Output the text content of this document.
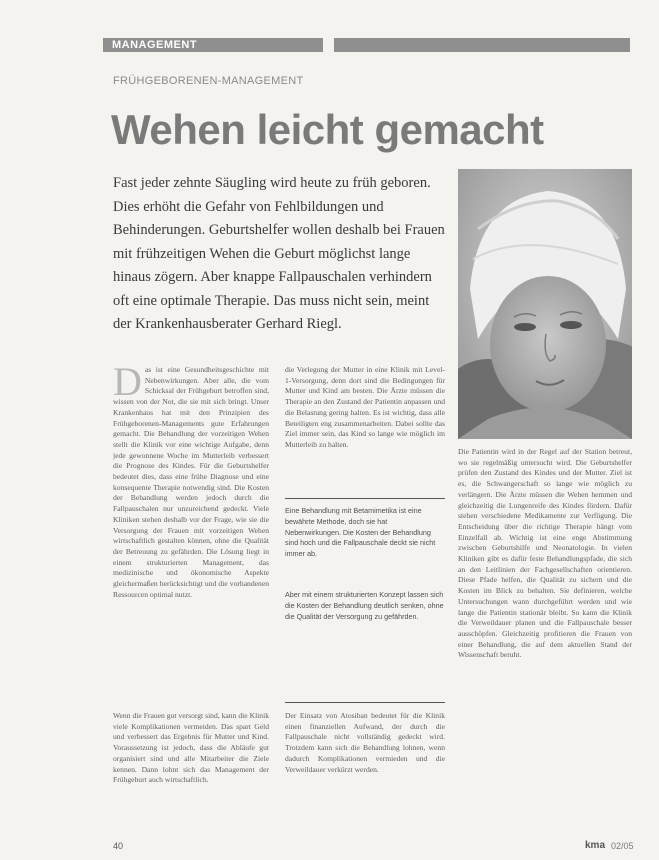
MANAGEMENT
FRÜHGEBORENEN-MANAGEMENT
Wehen leicht gemacht
Fast jeder zehnte Säugling wird heute zu früh geboren. Dies erhöht die Gefahr von Fehlbildungen und Behinderungen. Geburtshelfer wollen deshalb bei Frauen mit frühzeitigen Wehen die Geburt möglichst lange hinaus zögern. Aber knappe Fallpauschalen verhindern oft eine optimale Therapie. Das muss nicht sein, meint der Krankenhausberater Gerhard Riegl.
Das ist eine Gesundheitsgeschichte mit Nebenwirkungen. Aber alle, die vom Schicksal der Frühgeburt betroffen sind, wissen von der Not, die sie mit sich bringt. Unser Krankenhaus hat mit den Prinzipien des Frühgeborenen-Managements gute Erfahrungen gemacht. Die Behandlung der vorzeitigen Wehen stellt die Klinik vor eine wichtige Aufgabe, denn jede gewonnene Woche im Mutterleib verbessert die Prognose des Kindes. Für die Geburtshelfer bedeutet dies, dass eine frühe Diagnose und eine konsequente Therapie notwendig sind. Die Kosten der Behandlung werden jedoch durch die Fallpauschalen nur unzureichend gedeckt. Viele Kliniken stehen deshalb vor der Frage, wie sie die Versorgung der Frauen mit vorzeitigen Wehen wirtschaftlich gestalten können, ohne die Qualität der Betreuung zu gefährden. Die Lösung liegt in einem strukturierten Management, das medizinische und ökonomische Aspekte gleichermaßen berücksichtigt und die vorhandenen Ressourcen optimal nutzt.
die Verlegung der Mutter in eine Klinik mit Level-1-Versorgung, denn dort sind die Bedingungen für Mutter und Kind am besten. Die Ärzte müssen die Therapie an den Zustand der Patientin anpassen und die Belastung gering halten. Es ist wichtig, dass alle Beteiligten eng zusammenarbeiten. Dabei sollte das Ziel immer sein, das Kind so lange wie möglich im Mutterleib zu halten.
Eine Behandlung mit Betamimetika ist eine bewährte Methode, doch sie hat Nebenwirkungen. Die Kosten der Behandlung sind hoch und die Fallpauschale deckt sie nicht immer ab.
Aber mit einem strukturierten Konzept lassen sich die Kosten der Behandlung deutlich senken, ohne die Qualität der Versorgung zu gefährden.
Die Patientin wird in der Regel auf der Station betreut, wo sie regelmäßig untersucht wird. Die Geburtshelfer prüfen den Zustand des Kindes und der Mutter. Ziel ist es, die Schwangerschaft so lange wie möglich zu verlängern. Die Ärzte müssen die Wehen hemmen und gleichzeitig die Lungenreife des Kindes fördern. Dafür stehen verschiedene Medikamente zur Verfügung. Die Entscheidung über die richtige Therapie hängt vom Einzelfall ab. Wichtig ist eine enge Abstimmung zwischen Geburtshilfe und Neonatologie. In vielen Kliniken gibt es dafür feste Behandlungspfade, die sich an den Leitlinien der Fachgesellschaften orientieren. Diese Pfade helfen, die Qualität zu sichern und die Kosten im Blick zu behalten. Sie definieren, welche Untersuchungen wann durchgeführt werden und wie lange die Patientin stationär bleibt. So kann die Klinik die Verweildauer planen und die Fallpauschale besser ausschöpfen. Gleichzeitig profitieren die Frauen von einer Behandlung, die auf dem aktuellen Stand der Wissenschaft beruht.
Wenn die Frauen gut versorgt sind, kann die Klinik viele Komplikationen vermeiden. Das spart Geld und verbessert das Ergebnis für Mutter und Kind. Voraussetzung ist jedoch, dass die Abläufe gut organisiert sind und alle Mitarbeiter die Ziele kennen. Dann lohnt sich das Management der Frühgeburt auch wirtschaftlich.
Der Einsatz von Atosiban bedeutet für die Klinik einen finanziellen Aufwand, der durch die Fallpauschale nicht vollständig gedeckt wird. Trotzdem kann sich die Behandlung lohnen, wenn dadurch Komplikationen vermieden und die Verweildauer verkürzt werden.
40	kma 02/05
